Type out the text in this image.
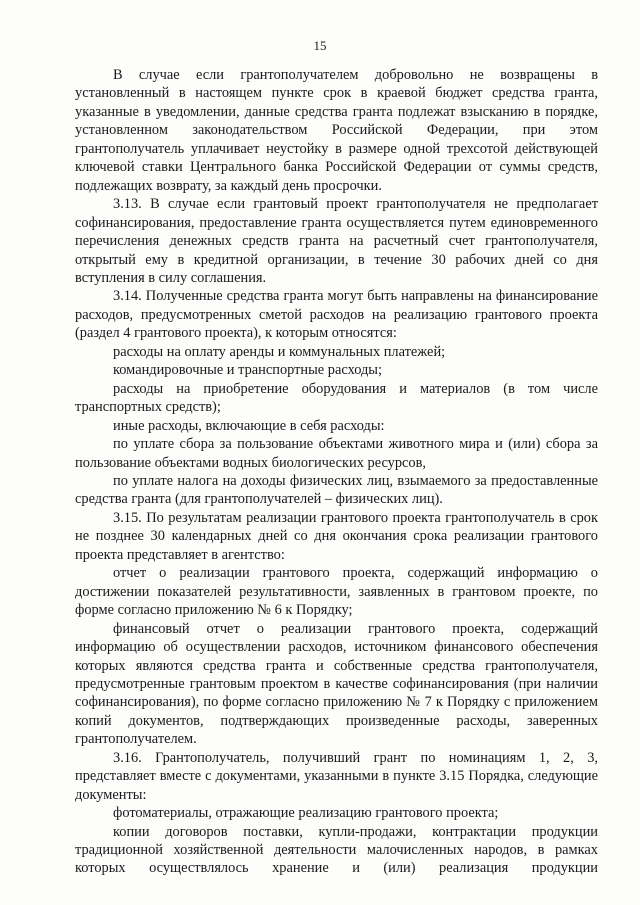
15

В случае если грантополучателем добровольно не возвращены в установленный в настоящем пункте срок в краевой бюджет средства гранта, указанные в уведомлении, данные средства гранта подлежат взысканию в порядке, установленном законодательством Российской Федерации, при этом грантополучатель уплачивает неустойку в размере одной трехсотой действующей ключевой ставки Центрального банка Российской Федерации от суммы средств, подлежащих возврату, за каждый день просрочки.

3.13. В случае если грантовый проект грантополучателя не предполагает софинансирования, предоставление гранта осуществляется путем единовременного перечисления денежных средств гранта на расчетный счет грантополучателя, открытый ему в кредитной организации, в течение 30 рабочих дней со дня вступления в силу соглашения.

3.14. Полученные средства гранта могут быть направлены на финансирование расходов, предусмотренных сметой расходов на реализацию грантового проекта (раздел 4 грантового проекта), к которым относятся:

расходы на оплату аренды и коммунальных платежей;

командировочные и транспортные расходы;

расходы на приобретение оборудования и материалов (в том числе транспортных средств);

иные расходы, включающие в себя расходы:

по уплате сбора за пользование объектами животного мира и (или) сбора за пользование объектами водных биологических ресурсов,

по уплате налога на доходы физических лиц, взымаемого за предоставленные средства гранта (для грантополучателей – физических лиц).

3.15. По результатам реализации грантового проекта грантополучатель в срок не позднее 30 календарных дней со дня окончания срока реализации грантового проекта представляет в агентство:

отчет о реализации грантового проекта, содержащий информацию о достижении показателей результативности, заявленных в грантовом проекте, по форме согласно приложению № 6 к Порядку;

финансовый отчет о реализации грантового проекта, содержащий информацию об осуществлении расходов, источником финансового обеспечения которых являются средства гранта и собственные средства грантополучателя, предусмотренные грантовым проектом в качестве софинансирования (при наличии софинансирования), по форме согласно приложению № 7 к Порядку с приложением копий документов, подтверждающих произведенные расходы, заверенных грантополучателем.

3.16. Грантополучатель, получивший грант по номинациям 1, 2, 3, представляет вместе с документами, указанными в пункте 3.15 Порядка, следующие документы:

фотоматериалы, отражающие реализацию грантового проекта;

копии договоров поставки, купли-продажи, контрактации продукции традиционной хозяйственной деятельности малочисленных народов, в рамках которых осуществлялось хранение и (или) реализация продукции
